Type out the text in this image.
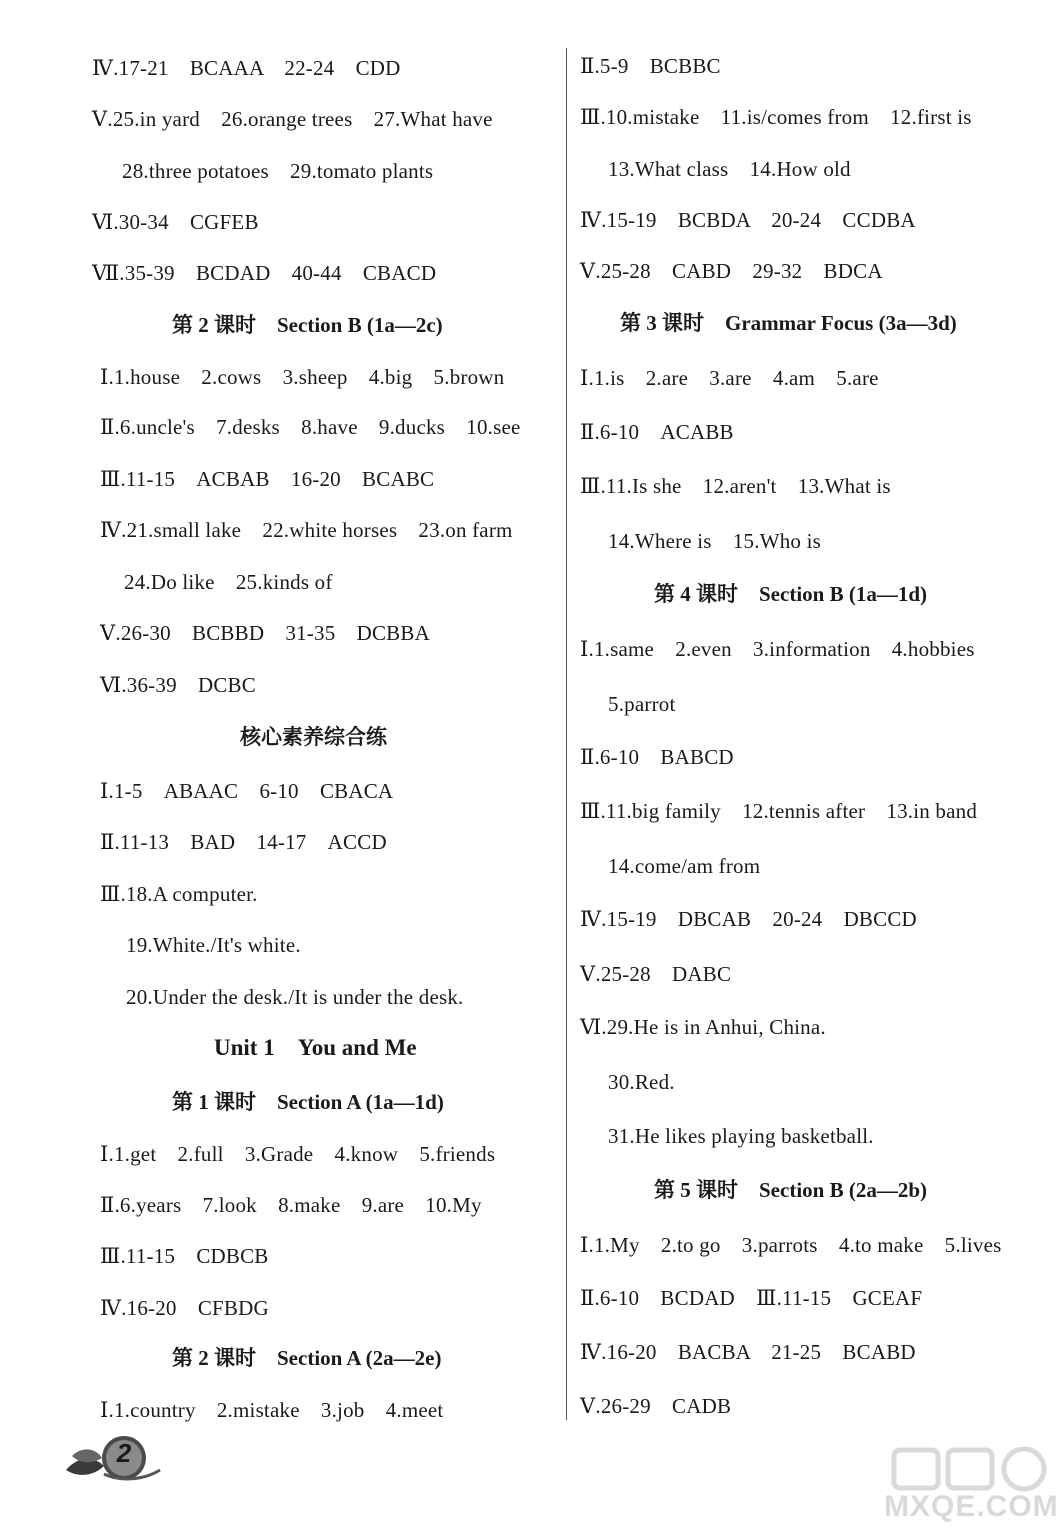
Ⅳ.17-21　BCAAA　22-24　CDD
Ⅴ.25.in yard　26.orange trees　27.What have
28.three potatoes　29.tomato plants
Ⅵ.30-34　CGFEB
Ⅶ.35-39　BCDAD　40-44　CBACD
第 2 课时　Section B (1a—2c)
Ⅰ.1.house　2.cows　3.sheep　4.big　5.brown
Ⅱ.6.uncle's　7.desks　8.have　9.ducks　10.see
Ⅲ.11-15　ACBAB　16-20　BCABC
Ⅳ.21.small lake　22.white horses　23.on farm
24.Do like　25.kinds of
Ⅴ.26-30　BCBBD　31-35　DCBBA
Ⅵ.36-39　DCBC
核心素养综合练
Ⅰ.1-5　ABAAC　6-10　CBACA
Ⅱ.11-13　BAD　14-17　ACCD
Ⅲ.18.A computer.
19.White./It's white.
20.Under the desk./It is under the desk.
Unit 1　You and Me
第 1 课时　Section A (1a—1d)
Ⅰ.1.get　2.full　3.Grade　4.know　5.friends
Ⅱ.6.years　7.look　8.make　9.are　10.My
Ⅲ.11-15　CDBCB
Ⅳ.16-20　CFBDG
第 2 课时　Section A (2a—2e)
Ⅰ.1.country　2.mistake　3.job　4.meet
Ⅱ.5-9　BCBBC
Ⅲ.10.mistake　11.is/comes from　12.first is
13.What class　14.How old
Ⅳ.15-19　BCBDA　20-24　CCDBA
Ⅴ.25-28　CABD　29-32　BDCA
第 3 课时　Grammar Focus (3a—3d)
Ⅰ.1.is　2.are　3.are　4.am　5.are
Ⅱ.6-10　ACABB
Ⅲ.11.Is she　12.aren't　13.What is
14.Where is　15.Who is
第 4 课时　Section B (1a—1d)
Ⅰ.1.same　2.even　3.information　4.hobbies
5.parrot
Ⅱ.6-10　BABCD
Ⅲ.11.big family　12.tennis after　13.in band
14.come/am from
Ⅳ.15-19　DBCAB　20-24　DBCCD
Ⅴ.25-28　DABC
Ⅵ.29.He is in Anhui, China.
30.Red.
31.He likes playing basketball.
第 5 课时　Section B (2a—2b)
Ⅰ.1.My　2.to go　3.parrots　4.to make　5.lives
Ⅱ.6-10　BCDAD　Ⅲ.11-15　GCEAF
Ⅳ.16-20　BACBA　21-25　BCABD
Ⅴ.26-29　CADB
2
MXQE.COM
